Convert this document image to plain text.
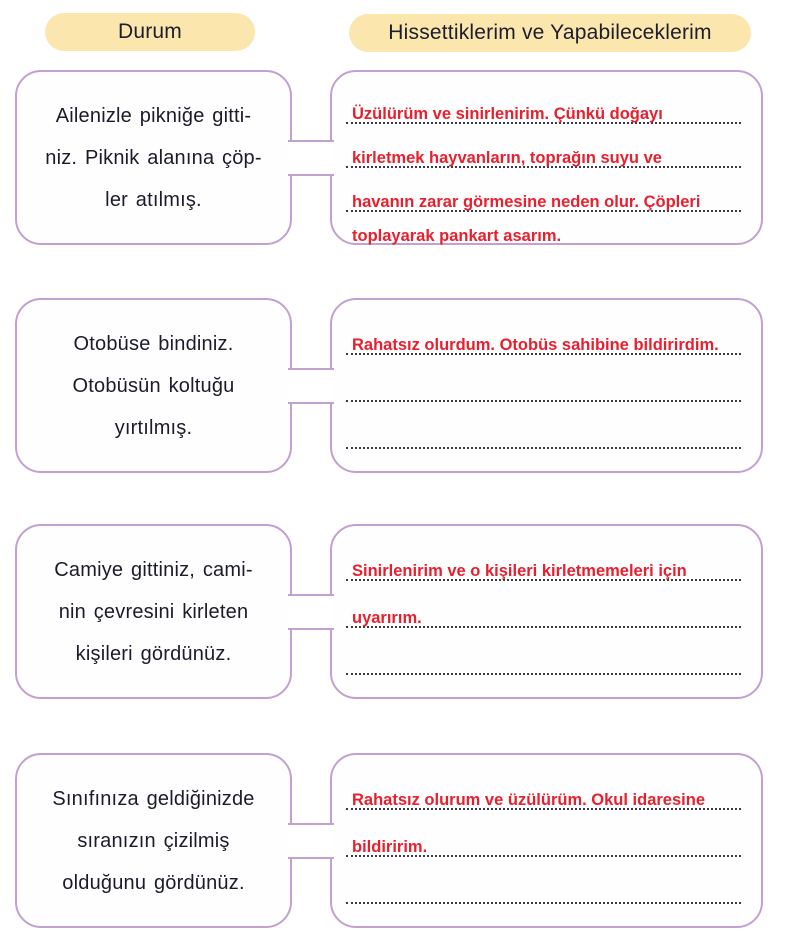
Durum	Hissettiklerim ve Yapabileceklerim
Ailenizle pikniğe gitti-
niz. Piknik alanına çöp-
ler atılmış.
Üzülürüm ve sinirlenirim. Çünkü doğayı
kirletmek hayvanların, toprağın suyu ve
havanın zarar görmesine neden olur. Çöpleri
toplayarak pankart asarım.
Otobüse bindiniz.
Otobüsün koltuğu
yırtılmış.
Rahatsız olurdum. Otobüs sahibine bildirirdim.
Camiye gittiniz, cami-
nin çevresini kirleten
kişileri gördünüz.
Sinirlenirim ve o kişileri kirletmemeleri için
uyarırım.
Sınıfınıza geldiğinizde
sıranızın çizilmiş
olduğunu gördünüz.
Rahatsız olurum ve üzülürüm. Okul idaresine
bildiririm.
